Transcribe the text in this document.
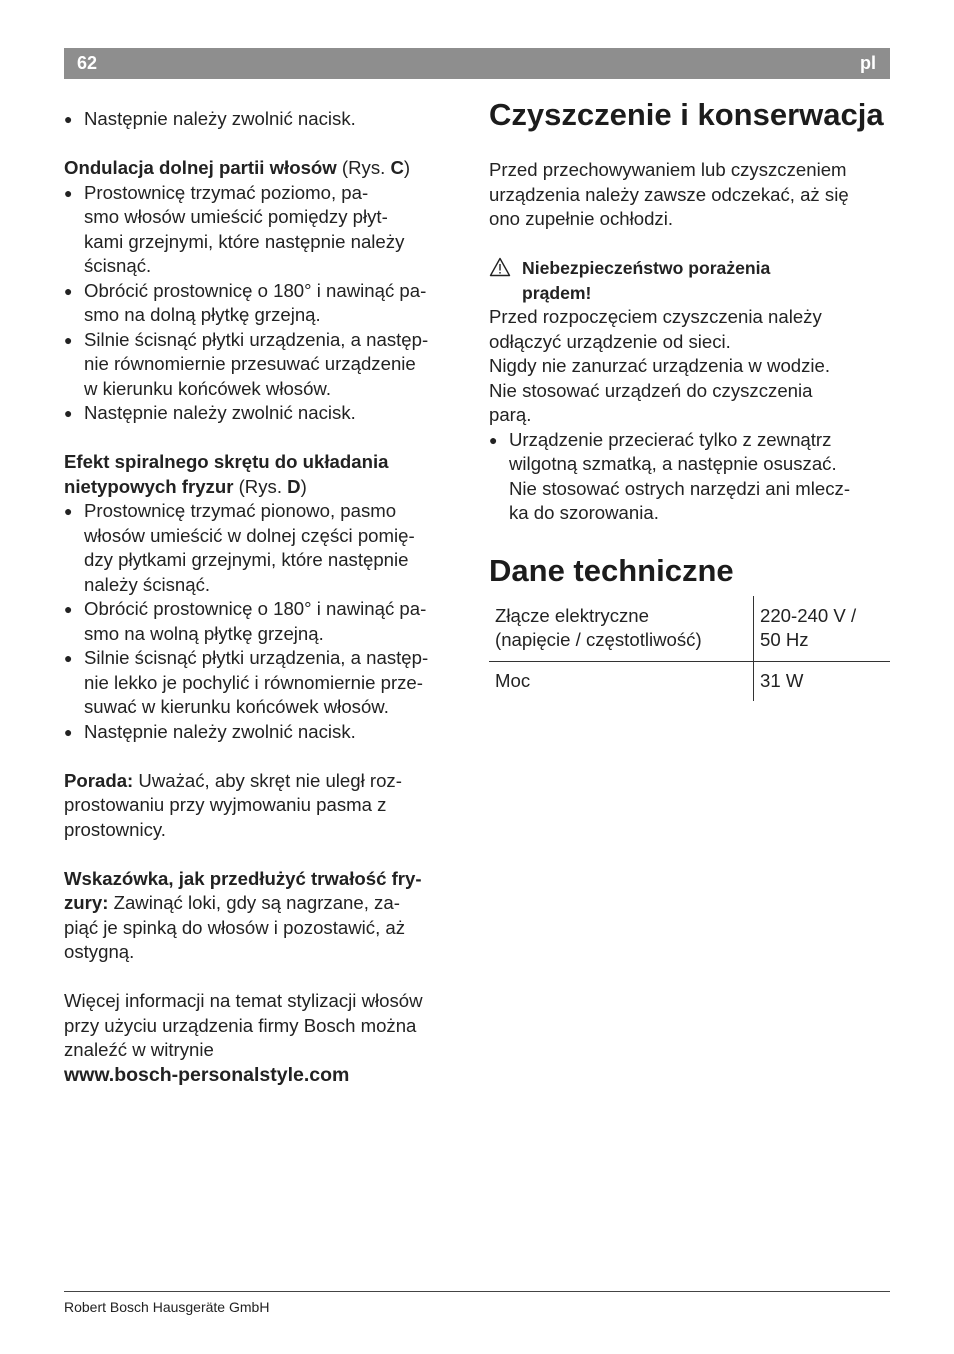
62	pl

● Następnie należy zwolnić nacisk.

Ondulacja dolnej partii włosów (Rys. C)

● Prostownicę trzymać poziomo, pa-
smo włosów umieścić pomiędzy płyt-
kami grzejnymi, które następnie należy
ścisnąć.

● Obrócić prostownicę o 180° i nawinąć pa-
smo na dolną płytkę grzejną.

● Silnie ścisnąć płytki urządzenia, a następ-
nie równomiernie przesuwać urządzenie
w kierunku końcówek włosów.

● Następnie należy zwolnić nacisk.

Efekt spiralnego skrętu do układania
nietypowych fryzur (Rys. D)

● Prostownicę trzymać pionowo, pasmo
włosów umieścić w dolnej części pomię-
dzy płytkami grzejnymi, które następnie
należy ścisnąć.

● Obrócić prostownicę o 180° i nawinąć pa-
smo na wolną płytkę grzejną.

● Silnie ścisnąć płytki urządzenia, a następ-
nie lekko je pochylić i równomiernie prze-
suwać w kierunku końcówek włosów.

● Następnie należy zwolnić nacisk.

Porada: Uważać, aby skręt nie uległ roz-
prostowaniu przy wyjmowaniu pasma z
prostownicy.

Wskazówka, jak przedłużyć trwałość fry-
zury: Zawinąć loki, gdy są nagrzane, za-
piąć je spinką do włosów i pozostawić, aż
ostygną.

Więcej informacji na temat stylizacji włosów
przy użyciu urządzenia firmy Bosch można
znaleźć w witrynie

www.bosch-personalstyle.com

Czyszczenie i konserwacja

Przed przechowywaniem lub czyszczeniem
urządzenia należy zawsze odczekać, aż się
ono zupełnie ochłodzi.

Niebezpieczeństwo porażenia
prądem!

Przed rozpoczęciem czyszczenia należy
odłączyć urządzenie od sieci.
Nigdy nie zanurzać urządzenia w wodzie.
Nie stosować urządzeń do czyszczenia
parą.

● Urządzenie przecierać tylko z zewnątrz
wilgotną szmatką, a następnie osuszać.
Nie stosować ostrych narzędzi ani mlecz-
ka do szorowania.

Dane techniczne
Złącze elektryczne
(napięcie / częstotliwość)	220-240 V /
50 Hz
Moc	31 W
Robert Bosch Hausgeräte GmbH
